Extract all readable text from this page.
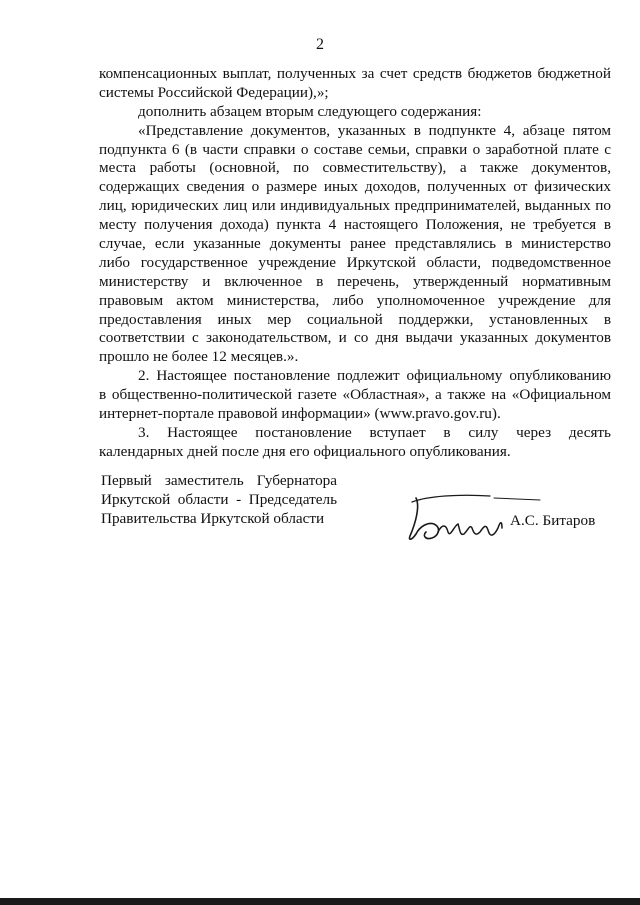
2
компенсационных выплат, полученных за счет средств бюджетов бюджетной
системы Российской Федерации),»;
дополнить абзацем вторым следующего содержания:
«Представление документов, указанных в подпункте 4, абзаце пятом
подпункта 6 (в части справки о составе семьи, справки о заработной плате с
места работы (основной, по совместительству), а также документов,
содержащих сведения о размере иных доходов, полученных от физических
лиц, юридических лиц или индивидуальных предпринимателей, выданных по
месту получения дохода) пункта 4 настоящего Положения, не требуется в
случае, если указанные документы ранее представлялись в министерство
либо государственное учреждение Иркутской области, подведомственное
министерству и включенное в перечень, утвержденный нормативным
правовым актом министерства, либо уполномоченное учреждение для
предоставления иных мер социальной поддержки, установленных в
соответствии с законодательством, и со дня выдачи указанных документов
прошло не более 12 месяцев.».
2. Настоящее постановление подлежит официальному опубликованию
в общественно-политической газете «Областная», а также на «Официальном
интернет-портале правовой информации» (www.pravo.gov.ru).
3. Настоящее постановление вступает в силу через десять
календарных дней после дня его официального опубликования.
Первый заместитель Губернатора
Иркутской области - Председатель
Правительства Иркутской области	А.С. Битаров
